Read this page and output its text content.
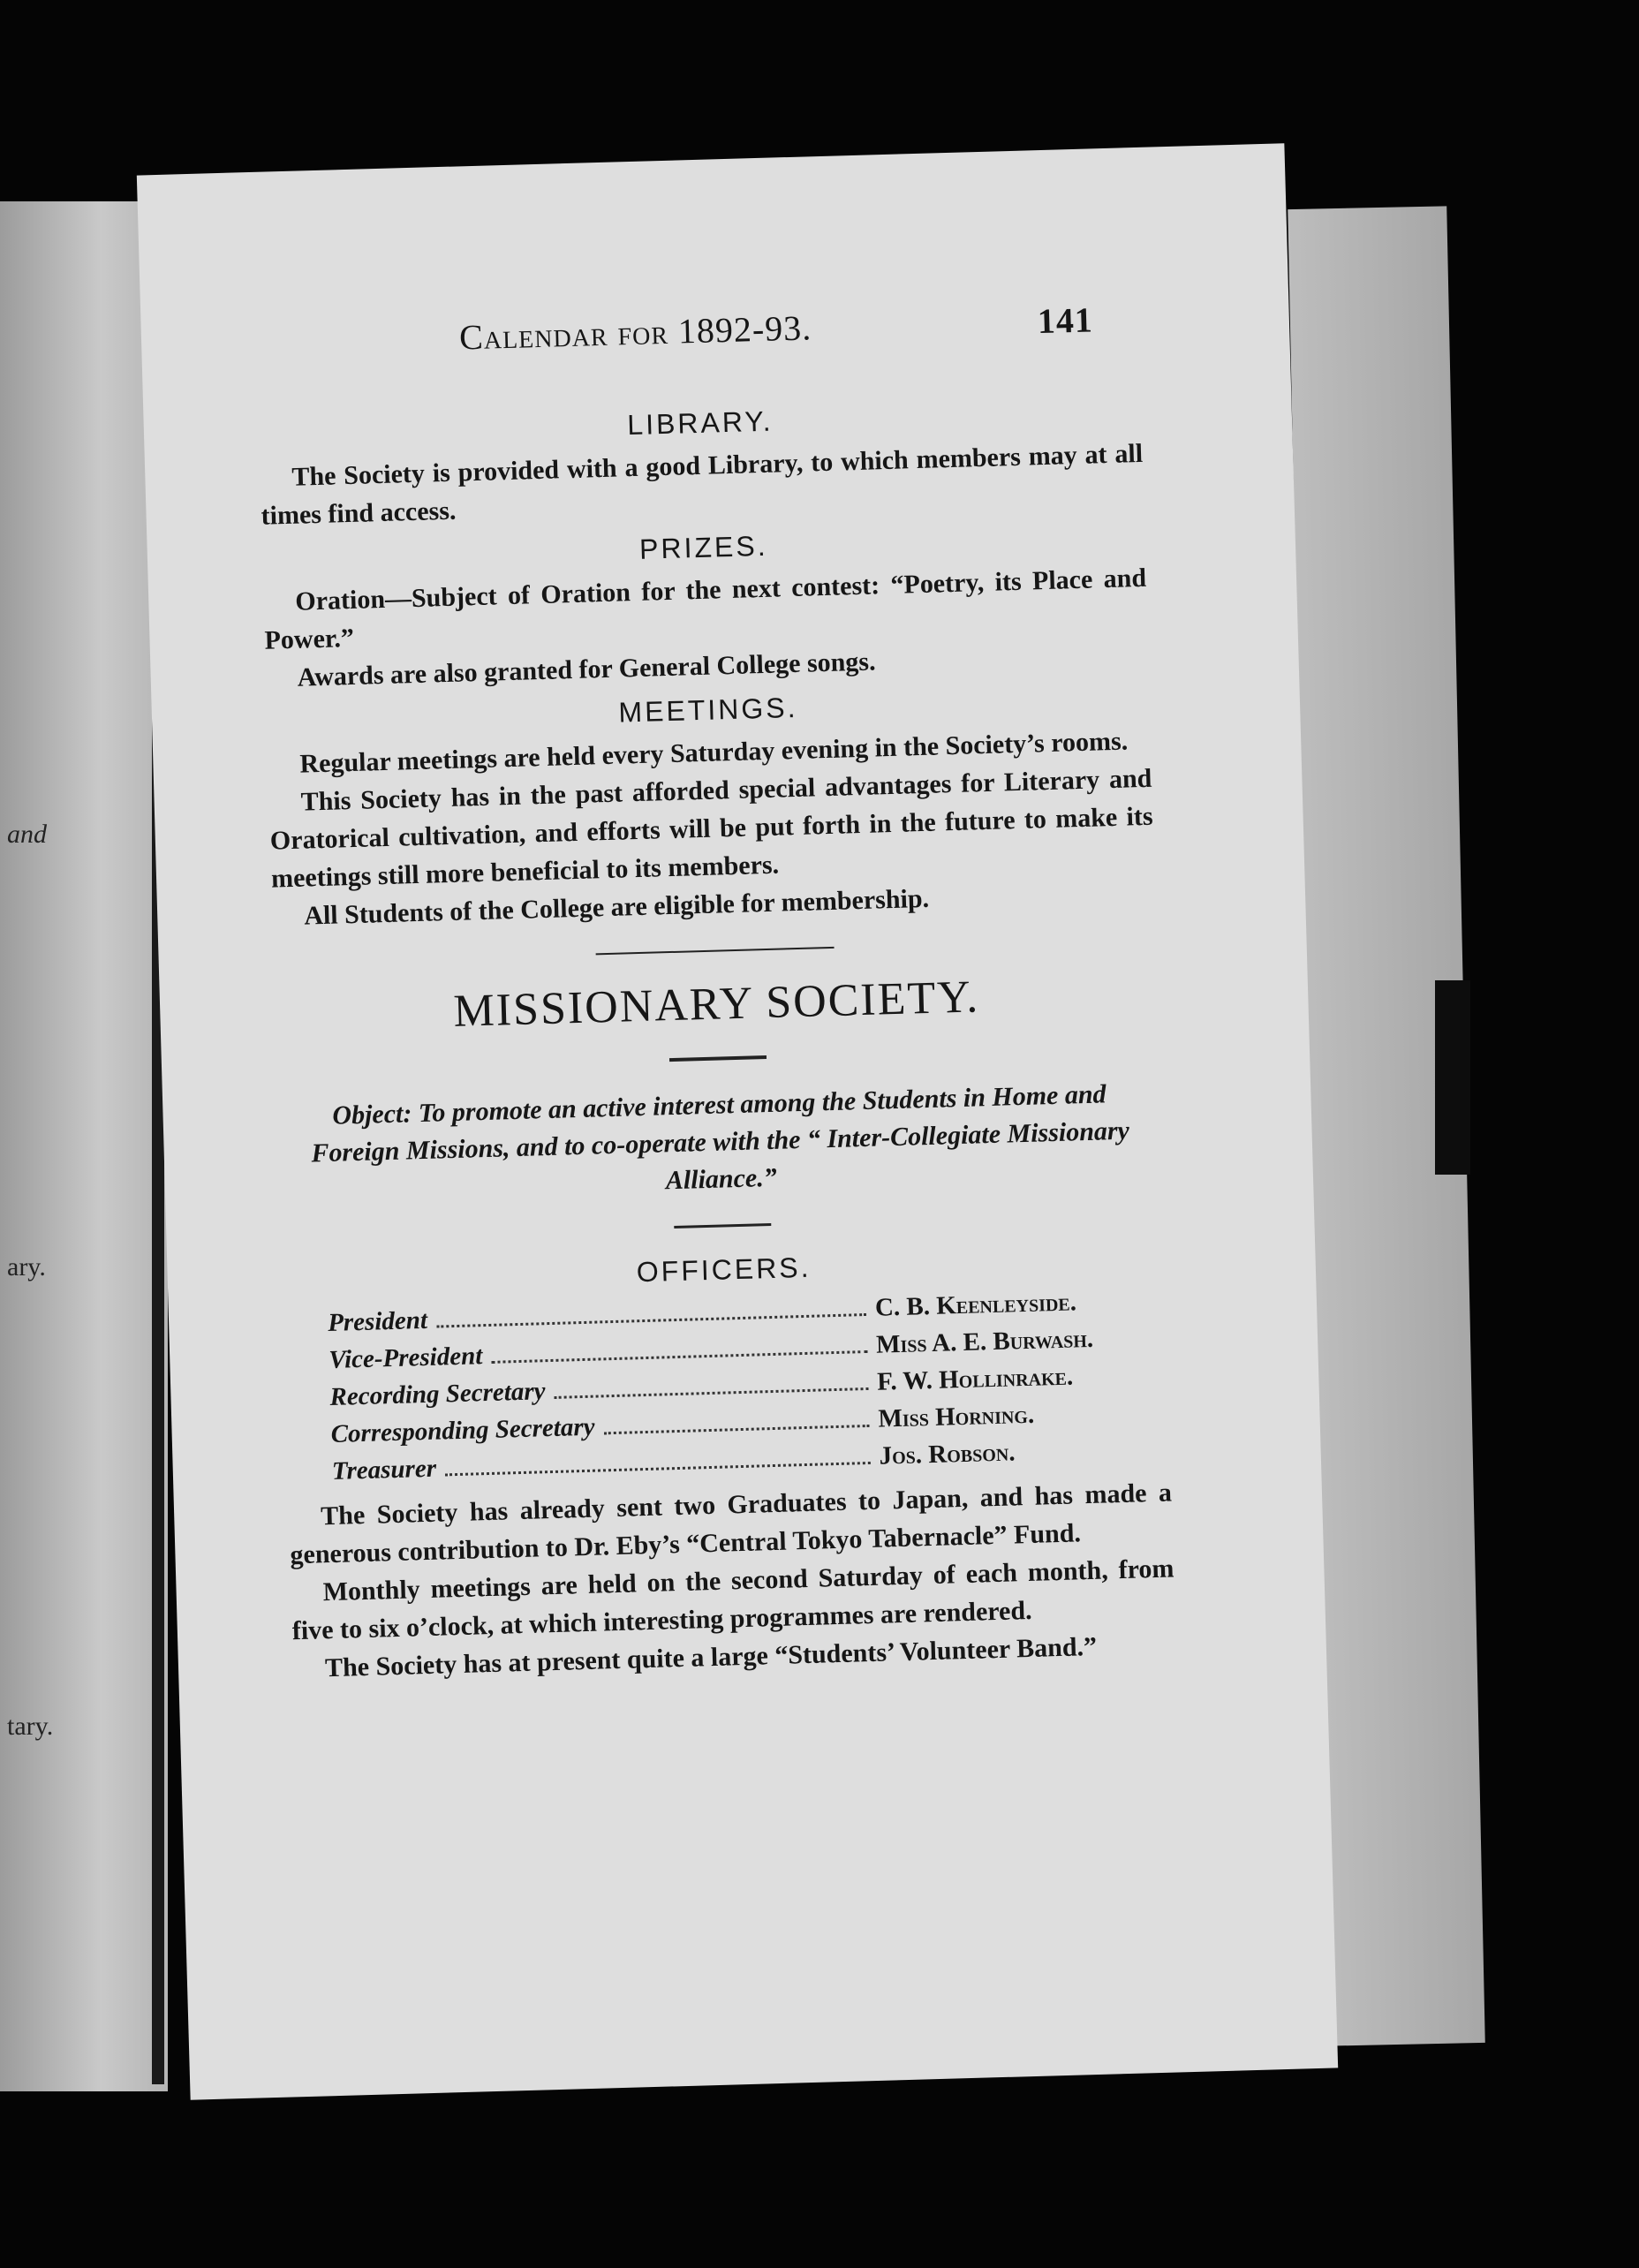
and
ary.
tary.
Calendar for 1892-93.	141
LIBRARY.

The Society is provided with a good Library, to which members may at all times find access.

PRIZES.

Oration—Subject of Oration for the next contest: “Poetry, its Place and Power.”

Awards are also granted for General College songs.

MEETINGS.

Regular meetings are held every Saturday evening in the Society’s rooms.

This Society has in the past afforded special advantages for Literary and Oratorical cultivation, and efforts will be put forth in the future to make its meetings still more beneficial to its members.

All Students of the College are eligible for membership.

MISSIONARY SOCIETY.

Object: To promote an active interest among the Students in Home and Foreign Missions, and to co-operate with the “ Inter-Collegiate Missionary Alliance.”

OFFICERS.
President	C. B. Keenleyside.
Vice-President	Miss A. E. Burwash.
Recording Secretary	F. W. Hollinrake.
Corresponding Secretary	Miss Horning.
Treasurer	Jos. Robson.

The Society has already sent two Graduates to Japan, and has made a generous contribution to Dr. Eby’s “Central Tokyo Tabernacle” Fund.

Monthly meetings are held on the second Saturday of each month, from five to six o’clock, at which interesting programmes are rendered.

The Society has at present quite a large “Students’ Volunteer Band.”
